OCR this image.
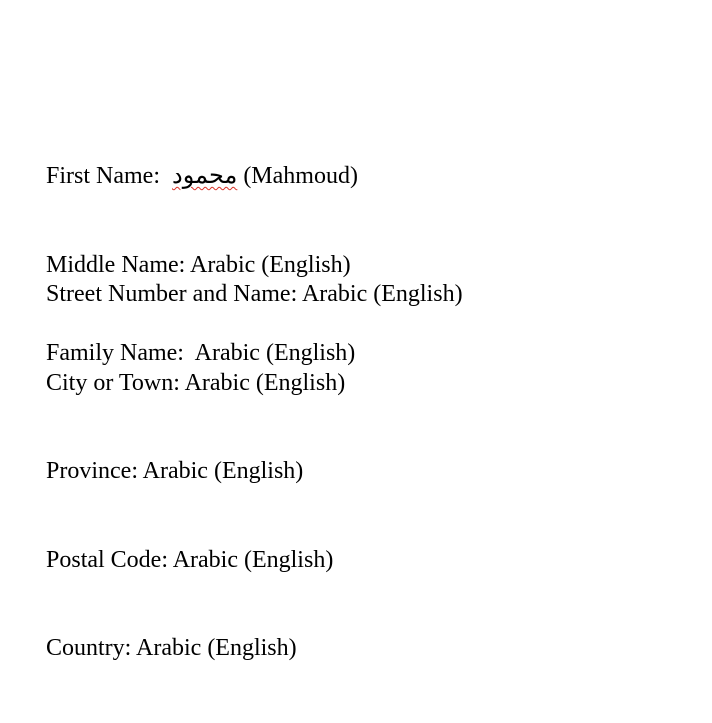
First Name:  محمود (Mahmoud)

Middle Name: Arabic (English)

Family Name:  Arabic (English)

Street Number and Name: Arabic (English)

City or Town: Arabic (English)

Province: Arabic (English)

Postal Code: Arabic (English)

Country: Arabic (English)
